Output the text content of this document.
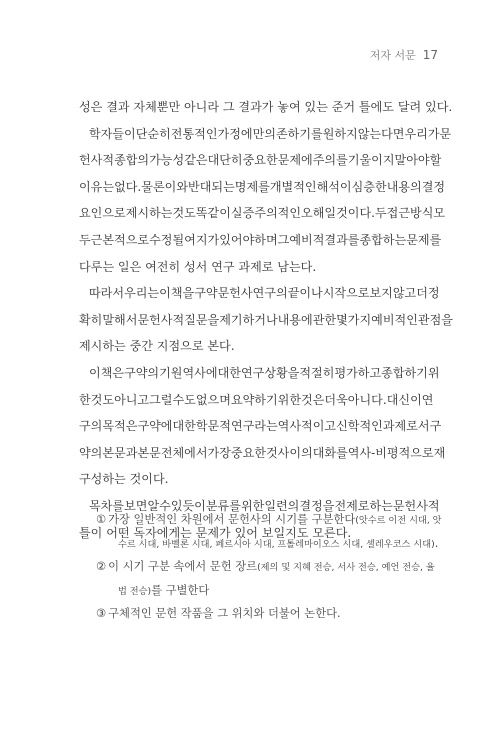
저자 서문 17
성은 결과 자체뿐만 아니라 그 결과가 놓여 있는 준거 틀에도 달려 있다.
학자들이 단순히 전통적인 가정에만 의존하기를 원하지 않는다면 우리가 문
헌사적 종합의 가능성 같은 대단히 중요한 문제에 주의를 기울이지 말아야 할
이유는 없다. 물론 이와 반대되는 명제를 개별적인 해석이 심층한 내용의 결정
요인으로 제시하는 것도 똑같이 실증주의적인 오해일 것이다. 두 접근 방식 모
두 근본적으로 수정될 여지가 있어야 하며 그 예비적 결과를 종합하는 문제를
다루는 일은 여전히 성서 연구 과제로 남는다.
따라서 우리는 이 책을 구약 문헌사 연구의 끝이나 시작으로 보지 않고 더 정
확히 말해서 문헌사적 질문을 제기하거나 내용에 관한 몇 가지 예비적인 관점을
제시하는 중간 지점으로 본다.
이 책은 구약의 기원 역사에 대한 연구 상황을 적절히 평가하고 종합하기 위
한 것도 아니고 그럴 수도 없으며 요약하기 위한 것은 더욱 아니다. 대신 이 연
구의 목적은 구약에 대한 학문적 연구라는 역사적이고 신학적인 과제로서 구
약의 본문과 본문 전체에서 가장 중요한 것 사이의 대화를 역사-비평적으로 재
구성하는 것이다.
목차를 보면 알 수 있듯이 분류를 위한 일련의 결정을 전제로 하는 문헌사적
틀이 어떤 독자에게는 문제가 있어 보일지도 모른다.
① 가장 일반적인 차원에서 문헌사의 시기를 구분한다(앗수르 이전 시대, 앗
수르 시대, 바벨론 시대, 페르시아 시대, 프톨레마이오스 시대, 셀레우코스 시대).
② 이 시기 구분 속에서 문헌 장르(제의 및 지혜 전승, 서사 전승, 예언 전승, 율
법 전승)를 구별한다
③ 구체적인 문헌 작품을 그 위치와 더불어 논한다.
